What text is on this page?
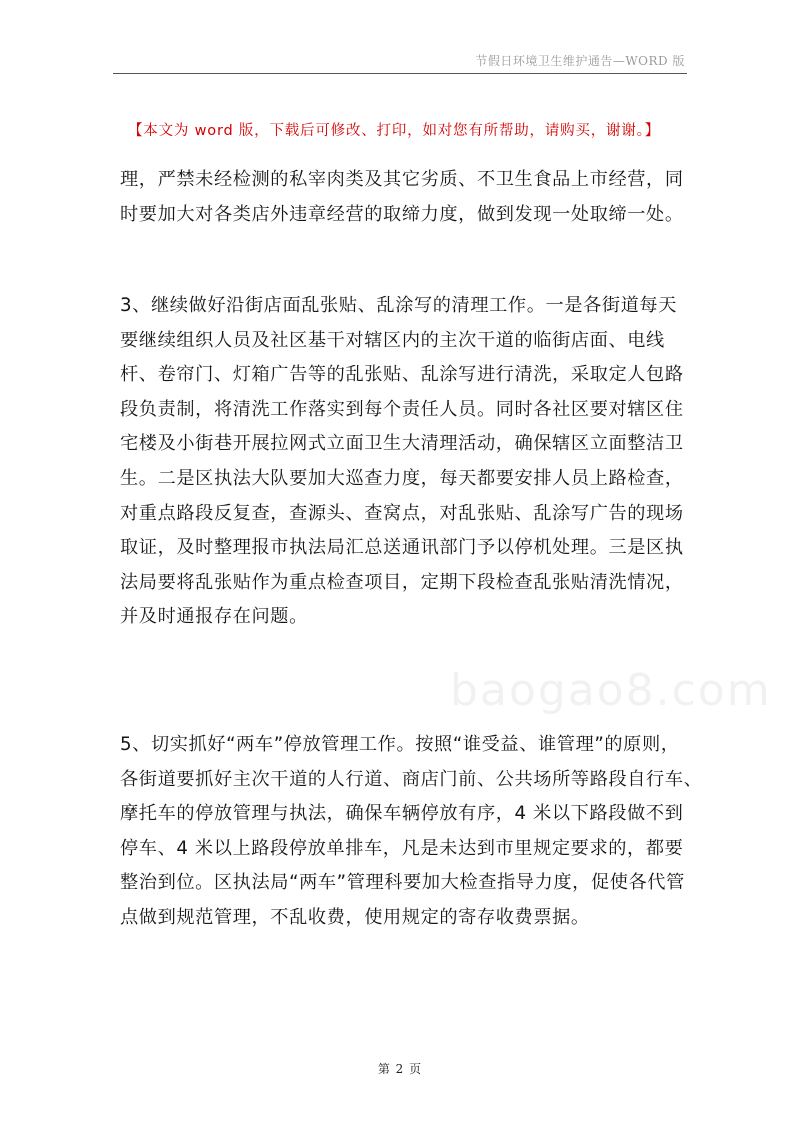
节假日环境卫生维护通告—WORD 版
【本文为 word 版，下载后可修改、打印，如对您有所帮助，请购买，谢谢。】
理，严禁未经检测的私宰肉类及其它劣质、不卫生食品上市经营，同
时要加大对各类店外违章经营的取缔力度，做到发现一处取缔一处。
3、继续做好沿街店面乱张贴、乱涂写的清理工作。一是各街道每天
要继续组织人员及社区基干对辖区内的主次干道的临街店面、电线
杆、卷帘门、灯箱广告等的乱张贴、乱涂写进行清洗，采取定人包路
段负责制，将清洗工作落实到每个责任人员。同时各社区要对辖区住
宅楼及小街巷开展拉网式立面卫生大清理活动，确保辖区立面整洁卫
生。二是区执法大队要加大巡查力度，每天都要安排人员上路检查，
对重点路段反复查，查源头、查窝点，对乱张贴、乱涂写广告的现场
取证，及时整理报市执法局汇总送通讯部门予以停机处理。三是区执
法局要将乱张贴作为重点检查项目，定期下段检查乱张贴清洗情况，
并及时通报存在问题。
baogao8.com
5、切实抓好“两车”停放管理工作。按照“谁受益、谁管理”的原则，
各街道要抓好主次干道的人行道、商店门前、公共场所等路段自行车、
摩托车的停放管理与执法，确保车辆停放有序，4 米以下路段做不到
停车、4 米以上路段停放单排车，凡是未达到市里规定要求的，都要
整治到位。区执法局“两车”管理科要加大检查指导力度，促使各代管
点做到规范管理，不乱收费，使用规定的寄存收费票据。
第 2 页
